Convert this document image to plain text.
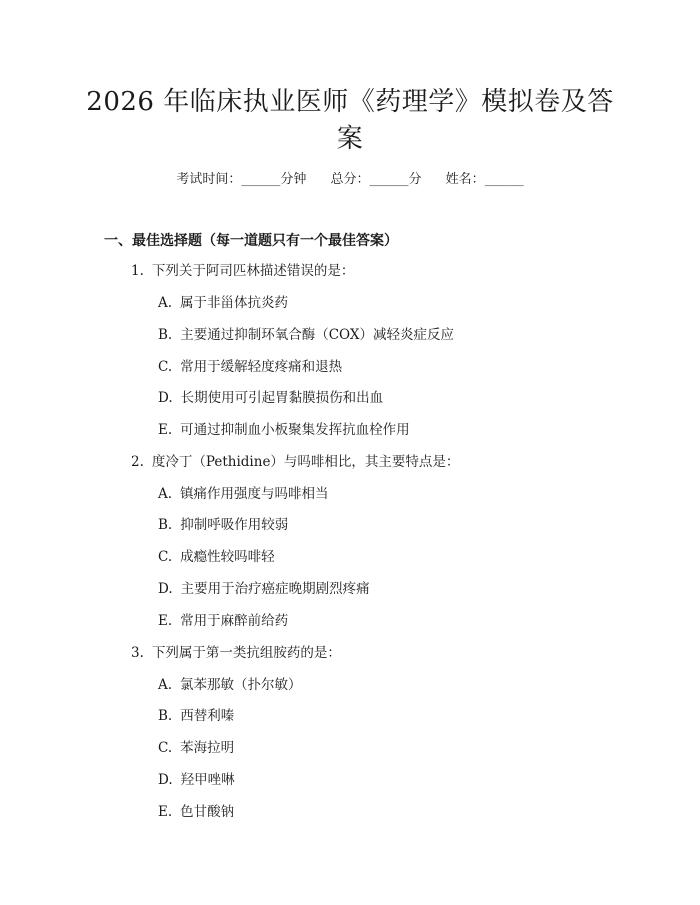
2026 年临床执业医师《药理学》模拟卷及答案
考试时间：______分钟 总分：______分 姓名：______
一、最佳选择题（每一道题只有一个最佳答案）
1. 下列关于阿司匹林描述错误的是：
A. 属于非甾体抗炎药
B. 主要通过抑制环氧合酶（COX）减轻炎症反应
C. 常用于缓解轻度疼痛和退热
D. 长期使用可引起胃黏膜损伤和出血
E. 可通过抑制血小板聚集发挥抗血栓作用
2. 度冷丁（Pethidine）与吗啡相比，其主要特点是：
A. 镇痛作用强度与吗啡相当
B. 抑制呼吸作用较弱
C. 成瘾性较吗啡轻
D. 主要用于治疗癌症晚期剧烈疼痛
E. 常用于麻醉前给药
3. 下列属于第一类抗组胺药的是：
A. 氯苯那敏（扑尔敏）
B. 西替利嗪
C. 苯海拉明
D. 羟甲唑啉
E. 色甘酸钠
